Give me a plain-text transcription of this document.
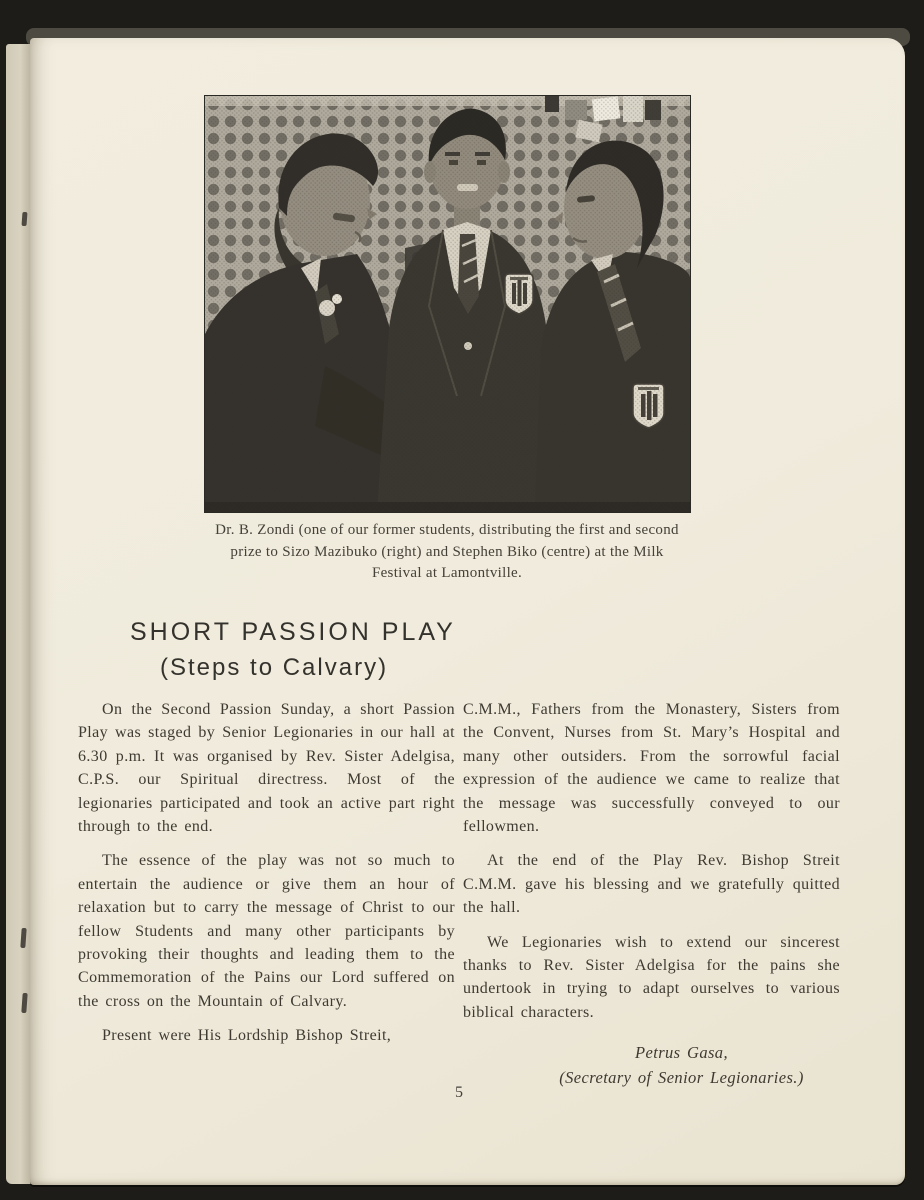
Dr. B. Zondi (one of our former students, distributing the first and second
prize to Sizo Mazibuko (right) and Stephen Biko (centre) at the Milk
Festival at Lamontville.
SHORT PASSION PLAY
(Steps to Calvary)

On the Second Passion Sunday, a short Passion Play was staged by Senior Legionaries in our hall at 6.30 p.m. It was organised by Rev. Sister Adelgisa, C.P.S. our Spiritual directress. Most of the legionaries participated and took an active part right through to the end.

The essence of the play was not so much to entertain the audience or give them an hour of relaxation but to carry the message of Christ to our fellow Students and many other participants by provoking their thoughts and leading them to the Commemoration of the Pains our Lord suffered on the cross on the Mountain of Calvary.

Present were His Lordship Bishop Streit,

C.M.M., Fathers from the Monastery, Sisters from the Convent, Nurses from St. Mary’s Hospital and many other outsiders. From the sorrowful facial expression of the audience we came to realize that the message was successfully conveyed to our fellowmen.

At the end of the Play Rev. Bishop Streit C.M.M. gave his blessing and we gratefully quitted the hall.

We Legionaries wish to extend our sincerest thanks to Rev. Sister Adelgisa for the pains she undertook in trying to adapt ourselves to various biblical characters.

Petrus Gasa,
(Secretary of Senior Legionaries.)
5
